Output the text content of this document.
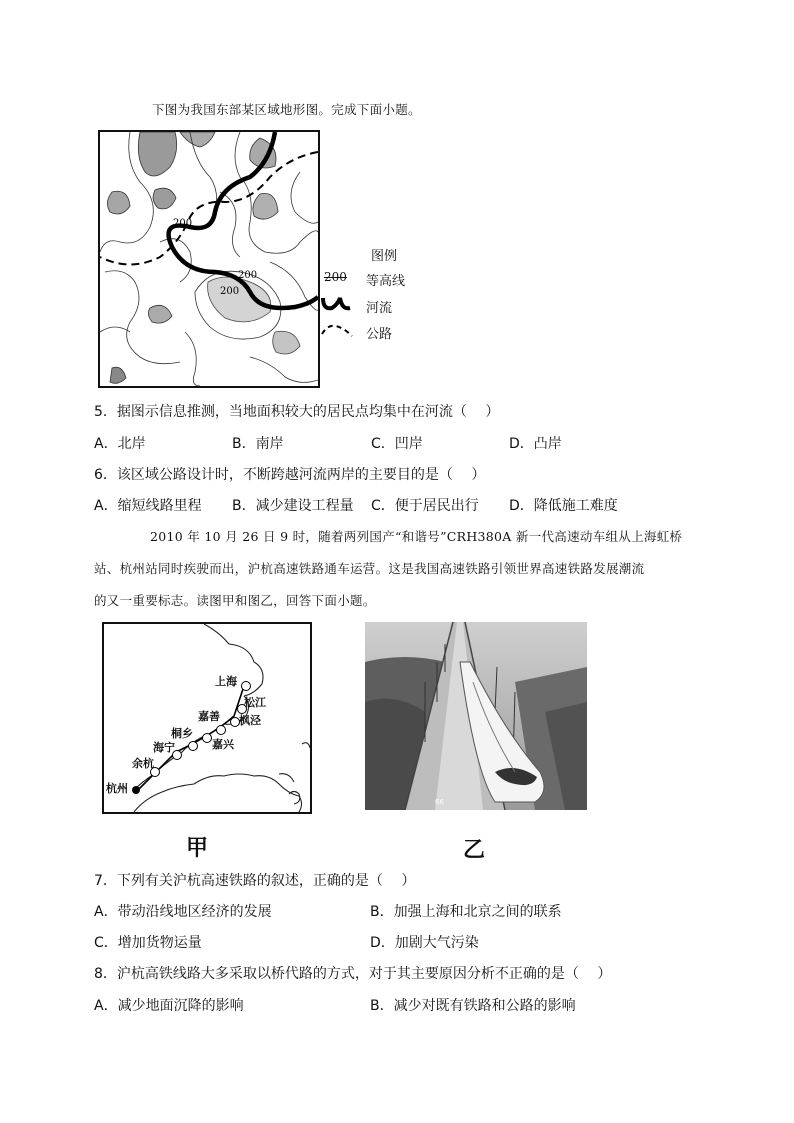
下图为我国东部某区域地形图。完成下面小题。
200
200
200
图例
200 等高线
河流
公路
5．据图示信息推测，当地面积较大的居民点均集中在河流（　 ）
A．北岸	B．南岸	C．凹岸	D．凸岸
6．该区域公路设计时，不断跨越河流两岸的主要目的是（　 ）
A．缩短线路里程 B．减少建设工程量 C．便于居民出行 D．降低施工难度
2010 年 10 月 26 日 9 时，随着两列国产“和谐号”CRH380A 新一代高速动车组从上海虹桥
站、杭州站同时疾驶而出，沪杭高速铁路通车运营。这是我国高速铁路引领世界高速铁路发展潮流
的又一重要标志。读图甲和图乙，回答下面小题。
上海
松江
枫泾
嘉善
嘉兴
桐乡
海宁
余杭
杭州
66
甲	乙
7．下列有关沪杭高速铁路的叙述，正确的是（　 ）
A．带动沿线地区经济的发展	B．加强上海和北京之间的联系
C．增加货物运量	D．加剧大气污染
8．沪杭高铁线路大多采取以桥代路的方式，对于其主要原因分析不正确的是（　 ）
A．减少地面沉降的影响	B．减少对既有铁路和公路的影响
